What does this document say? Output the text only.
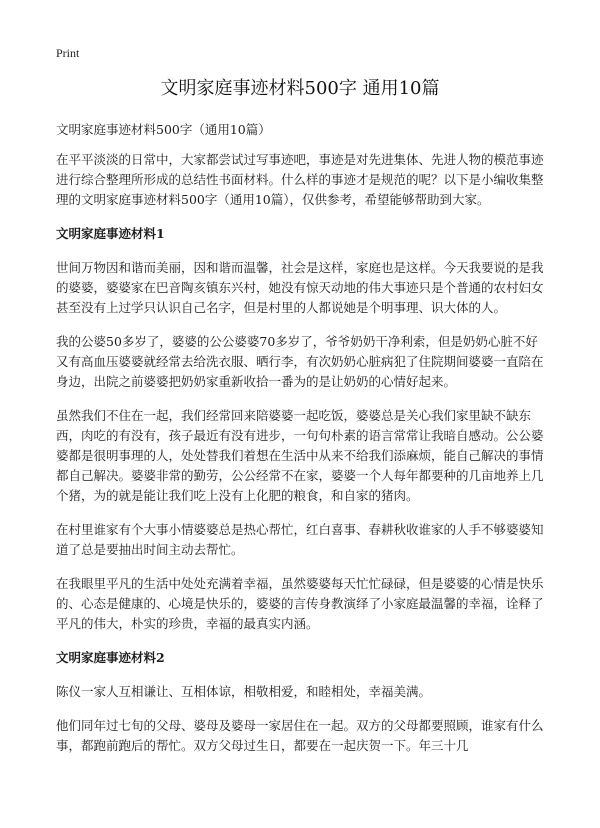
Print
文明家庭事迹材料500字 通用10篇

文明家庭事迹材料500字（通用10篇）

在平平淡淡的日常中，大家都尝试过写事迹吧，事迹是对先进集体、先进人物的模范事迹进行综合整理所形成的总结性书面材料。什么样的事迹才是规范的呢？以下是小编收集整理的文明家庭事迹材料500字（通用10篇），仅供参考，希望能够帮助到大家。

文明家庭事迹材料1

世间万物因和谐而美丽，因和谐而温馨，社会是这样，家庭也是这样。今天我要说的是我的婆婆，婆婆家在巴音陶亥镇东兴村，她没有惊天动地的伟大事迹只是个普通的农村妇女甚至没有上过学只认识自己名字，但是村里的人都说她是个明事理、识大体的人。

我的公婆50多岁了，婆婆的公公婆婆70多岁了，爷爷奶奶干净利索，但是奶奶心脏不好又有高血压婆婆就经常去给洗衣服、晒行李，有次奶奶心脏病犯了住院期间婆婆一直陪在身边，出院之前婆婆把奶奶家重新收拾一番为的是让奶奶的心情好起来。

虽然我们不住在一起，我们经常回来陪婆婆一起吃饭，婆婆总是关心我们家里缺不缺东西，肉吃的有没有，孩子最近有没有进步，一句句朴素的语言常常让我暗自感动。公公婆婆都是很明事理的人，处处替我们着想在生活中从来不给我们添麻烦，能自己解决的事情都自己解决。婆婆非常的勤劳，公公经常不在家，婆婆一个人每年都要种的几亩地养上几个猪，为的就是能让我们吃上没有上化肥的粮食，和自家的猪肉。

在村里谁家有个大事小情婆婆总是热心帮忙，红白喜事、春耕秋收谁家的人手不够婆婆知道了总是要抽出时间主动去帮忙。

在我眼里平凡的生活中处处充满着幸福，虽然婆婆每天忙忙碌碌，但是婆婆的心情是快乐的、心态是健康的、心境是快乐的，婆婆的言传身教演绎了小家庭最温馨的幸福，诠释了平凡的伟大，朴实的珍贵，幸福的最真实内涵。

文明家庭事迹材料2

陈仪一家人互相谦让、互相体谅，相敬相爱，和睦相处，幸福美满。

他们同年过七旬的父母、婆母及婆母一家居住在一起。双方的父母都要照顾，谁家有什么事，都跑前跑后的帮忙。双方父母过生日，都要在一起庆贺一下。年三十几
